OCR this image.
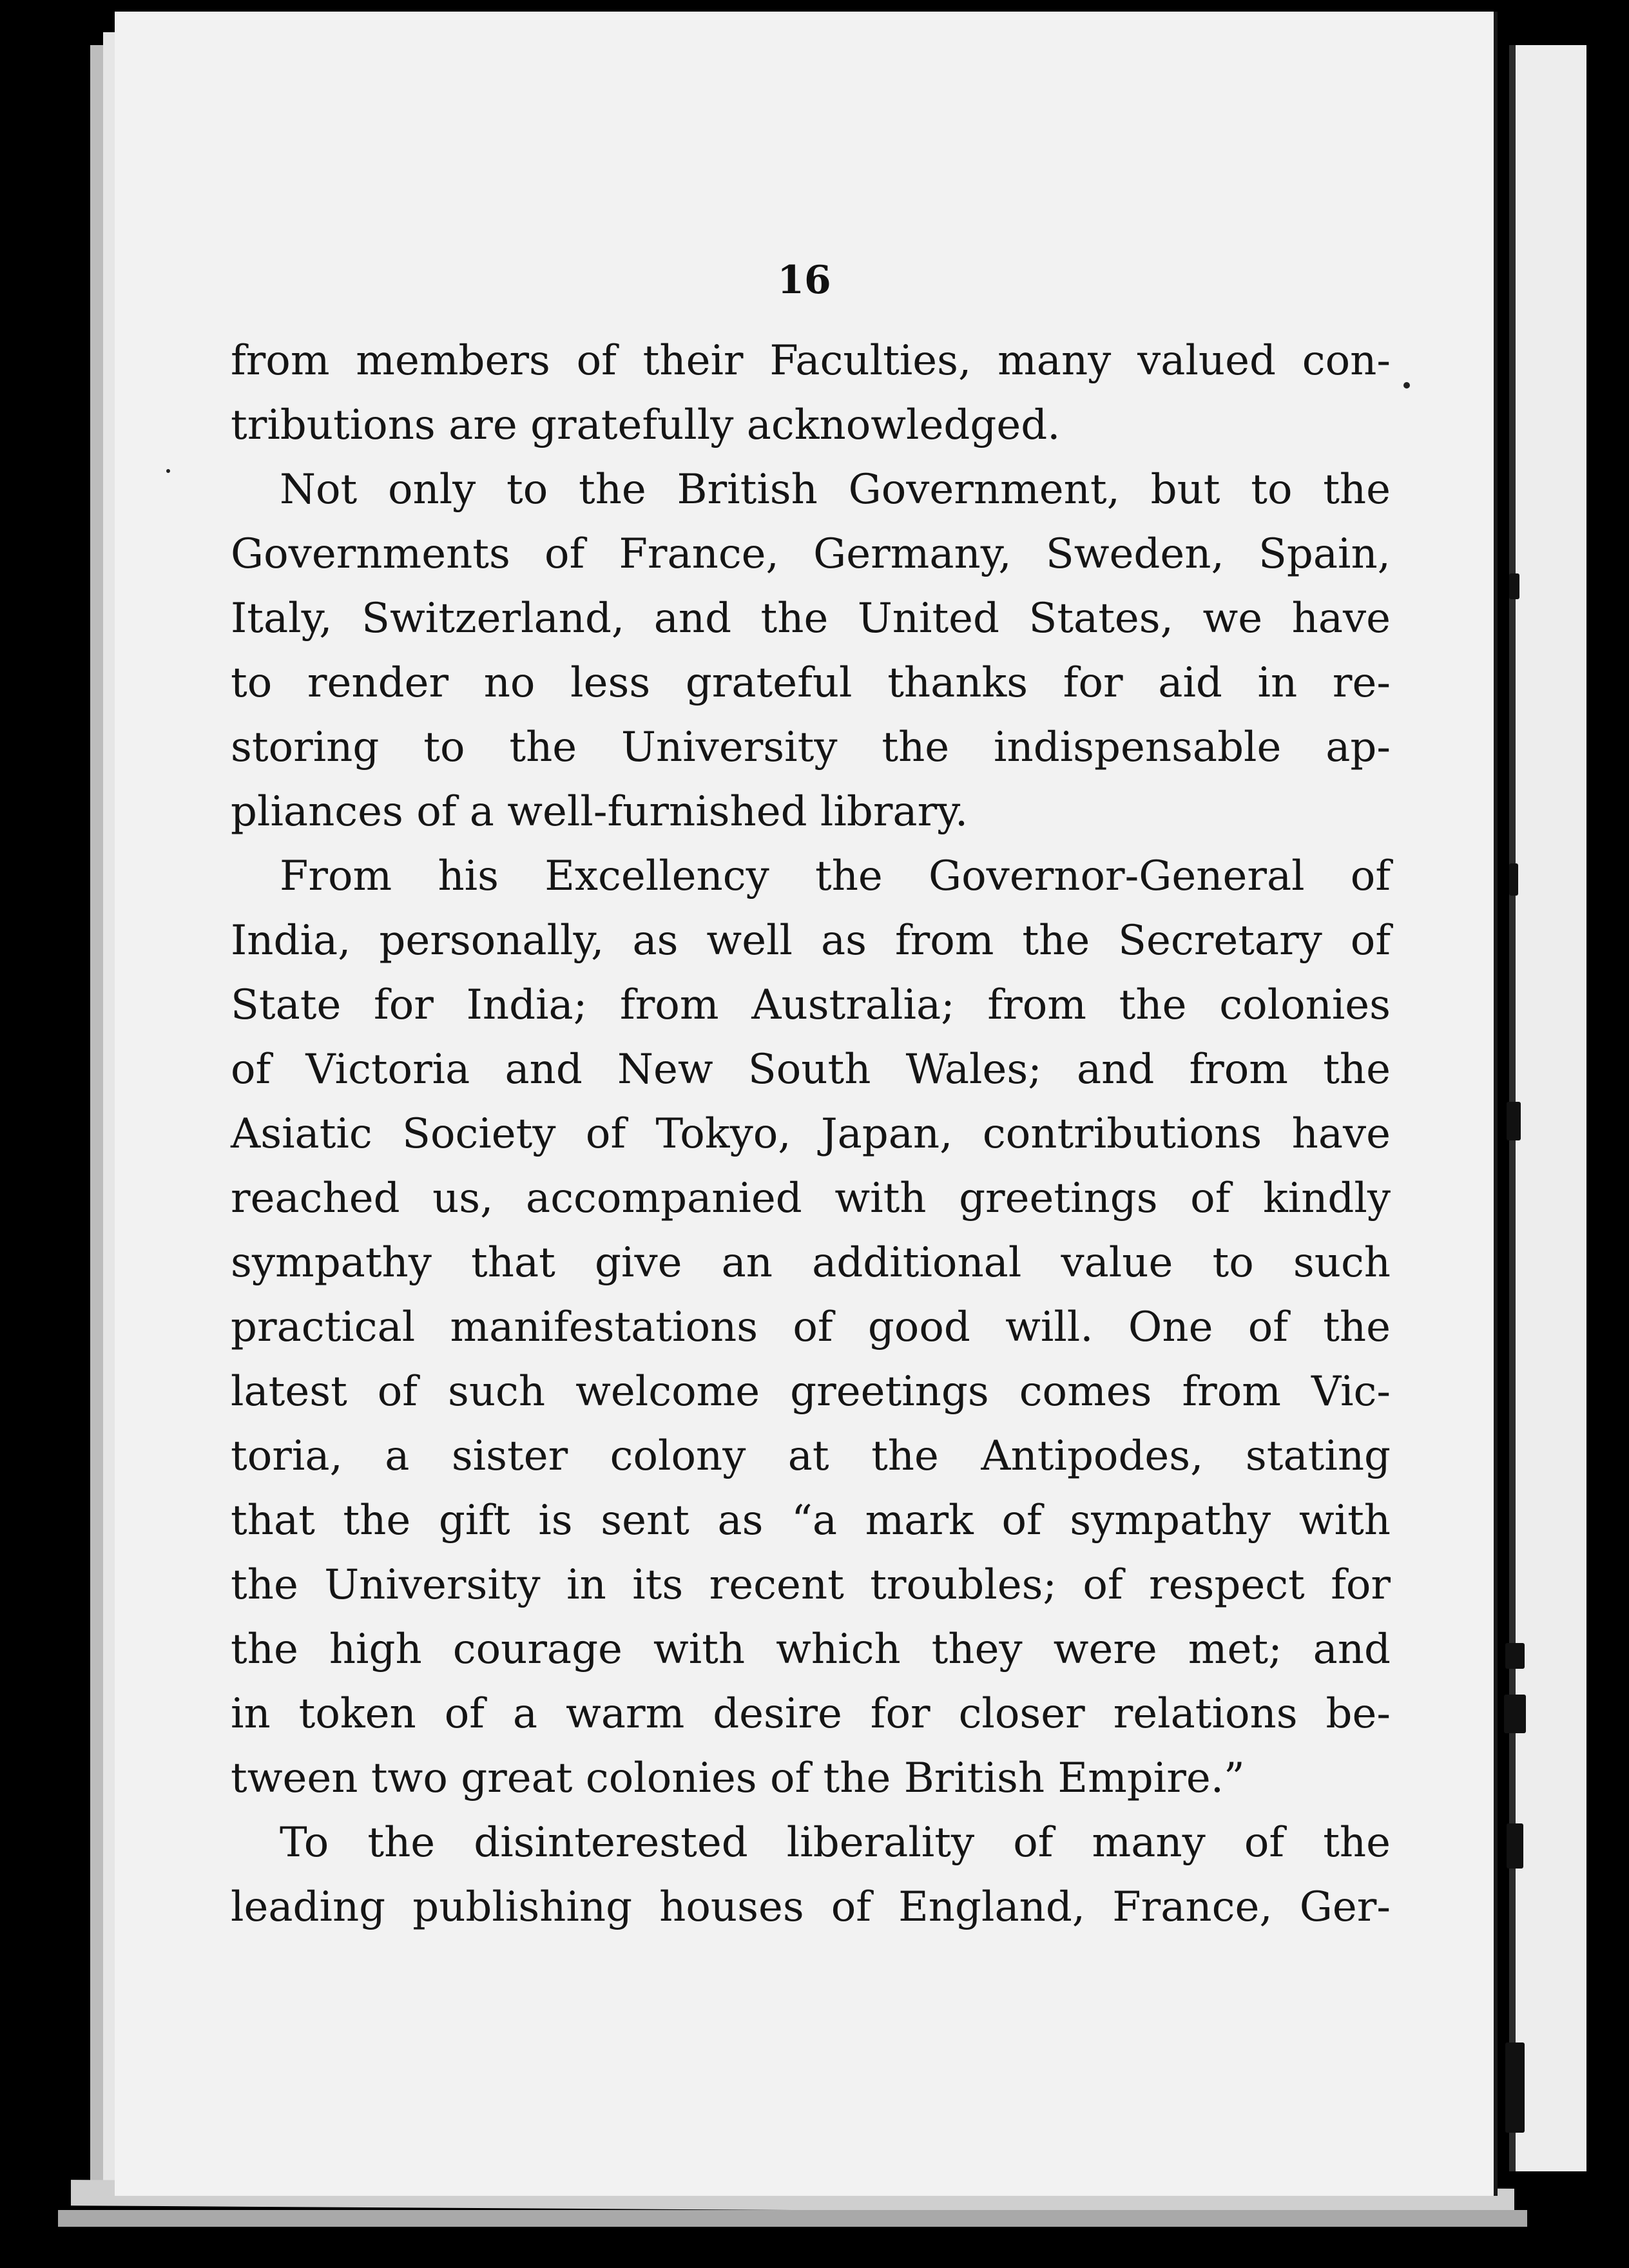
16
from members of their Faculties, many valued con-
tributions are gratefully acknowledged.
Not only to the British Government, but to the
Governments of France, Germany, Sweden, Spain,
Italy, Switzerland, and the United States, we have
to render no less grateful thanks for aid in re-
storing to the University the indispensable ap-
pliances of a well-furnished library.
From his Excellency the Governor-General of
India, personally, as well as from the Secretary of
State for India; from Australia; from the colonies
of Victoria and New South Wales; and from the
Asiatic Society of Tokyo, Japan, contributions have
reached us, accompanied with greetings of kindly
sympathy that give an additional value to such
practical manifestations of good will. One of the
latest of such welcome greetings comes from Vic-
toria, a sister colony at the Antipodes, stating
that the gift is sent as “a mark of sympathy with
the University in its recent troubles; of respect for
the high courage with which they were met; and
in token of a warm desire for closer relations be-
tween two great colonies of the British Empire.”
To the disinterested liberality of many of the
leading publishing houses of England, France, Ger-
